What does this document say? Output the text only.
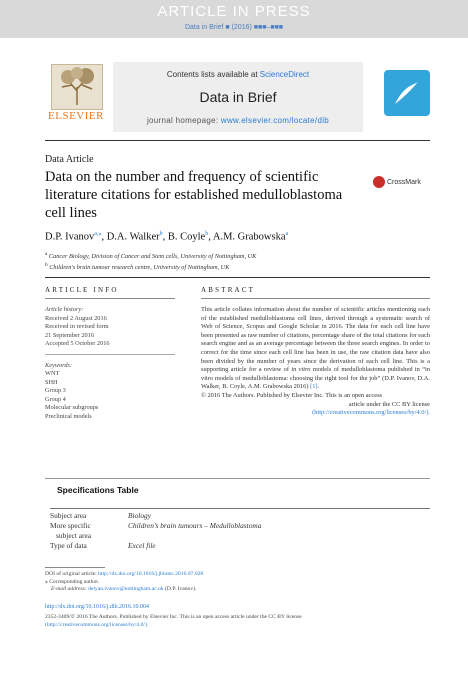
ARTICLE IN PRESS
Data in Brief ■ (2016) ■■■–■■■
ELSEVIER
Contents lists available at ScienceDirect
Data in Brief
journal homepage: www.elsevier.com/locate/dib
Data Article
Data on the number and frequency of scientific literature citations for established medulloblastoma cell lines
CrossMark
D.P. Ivanov$^{a,⁎}$, D.A. Walker$^b$, B. Coyle$^b$, A.M. Grabowska$^a$
$^a$ Cancer Biology, Division of Cancer and Stem cells, University of Nottingham, UK
$^b$ Children's brain tumour research centre, University of Nottingham, UK
ARTICLE INFO
Article history:
Received 2 August 2016
Received in revised form
21 September 2016
Accepted 5 October 2016
Keywords:
WNT
SHH
Group 3
Group 4
Molecular subgroups
Preclinical models
ABSTRACT

This article collates information about the number of scientific articles mentioning each of the established medulloblastoma cell lines, derived through a systematic search of Web of Science, Scopus and Google Scholar in 2016. The data for each cell line have been presented as raw number of citations, percentage share of the total citations for each search engine and as an average percentage between the three search engines. In order to correct for the time since each cell line has been in use, the raw citation data have also been divided by the number of years since the derivation of each cell line. This is a supporting article for a review of in vitro models of medulloblastoma published in “in vitro models of medulloblastoma: choosing the right tool for the job” (D.P. Ivanov, D.A. Walker, B. Coyle, A.M. Grabowska 2016) [1].

© 2016 The Authors. Published by Elsevier Inc. This is an open access

article under the CC BY license

(http://creativecommons.org/licenses/by/4.0/).

Specifications Table
Subject area	Biology
More specific	Children’s brain tumours – Medulloblastoma
subject area
Type of data	Excel file
DOI of original article: http://dx.doi.org/10.1016/j.jbiotec.2016.07.028
⁎ Corresponding author.
E-mail address: delyan.ivanov@nottingham.ac.uk (D.P. Ivanov).
http://dx.doi.org/10.1016/j.dib.2016.10.004
2352-3409/© 2016 The Authors. Published by Elsevier Inc. This is an open access article under the CC BY license
(http://creativecommons.org/licenses/by/4.0/).
